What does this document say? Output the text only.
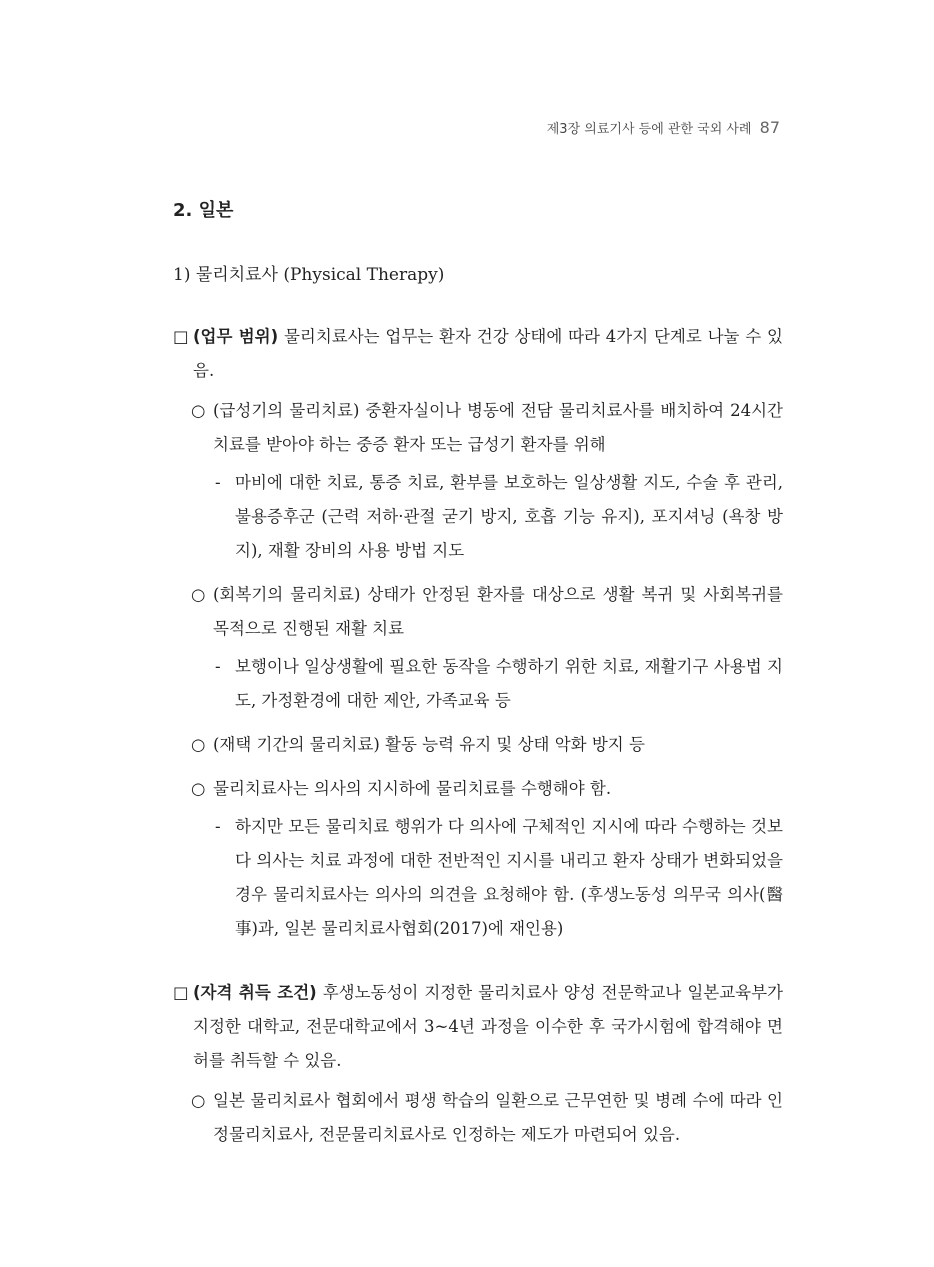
제3장 의료기사 등에 관한 국외 사례 87
2. 일본
1) 물리치료사 (Physical Therapy)
□ (업무 범위) 물리치료사는 업무는 환자 건강 상태에 따라 4가지 단계로 나눌 수 있음.
○ (급성기의 물리치료) 중환자실이나 병동에 전담 물리치료사를 배치하여 24시간 치료를 받아야 하는 중증 환자 또는 급성기 환자를 위해
- 마비에 대한 치료, 통증 치료, 환부를 보호하는 일상생활 지도, 수술 후 관리, 불용증후군 (근력 저하·관절 굳기 방지, 호흡 기능 유지), 포지셔닝 (욕창 방지), 재활 장비의 사용 방법 지도
○ (회복기의 물리치료) 상태가 안정된 환자를 대상으로 생활 복귀 및 사회복귀를 목적으로 진행된 재활 치료
- 보행이나 일상생활에 필요한 동작을 수행하기 위한 치료, 재활기구 사용법 지도, 가정환경에 대한 제안, 가족교육 등
○ (재택 기간의 물리치료) 활동 능력 유지 및 상태 악화 방지 등
○ 물리치료사는 의사의 지시하에 물리치료를 수행해야 함.
- 하지만 모든 물리치료 행위가 다 의사에 구체적인 지시에 따라 수행하는 것보다 의사는 치료 과정에 대한 전반적인 지시를 내리고 환자 상태가 변화되었을 경우 물리치료사는 의사의 의견을 요청해야 함. (후생노동성 의무국 의사(醫事)과, 일본 물리치료사협회(2017)에 재인용)
□ (자격 취득 조건) 후생노동성이 지정한 물리치료사 양성 전문학교나 일본교육부가 지정한 대학교, 전문대학교에서 3~4년 과정을 이수한 후 국가시험에 합격해야 면허를 취득할 수 있음.
○ 일본 물리치료사 협회에서 평생 학습의 일환으로 근무연한 및 병례 수에 따라 인정물리치료사, 전문물리치료사로 인정하는 제도가 마련되어 있음.
